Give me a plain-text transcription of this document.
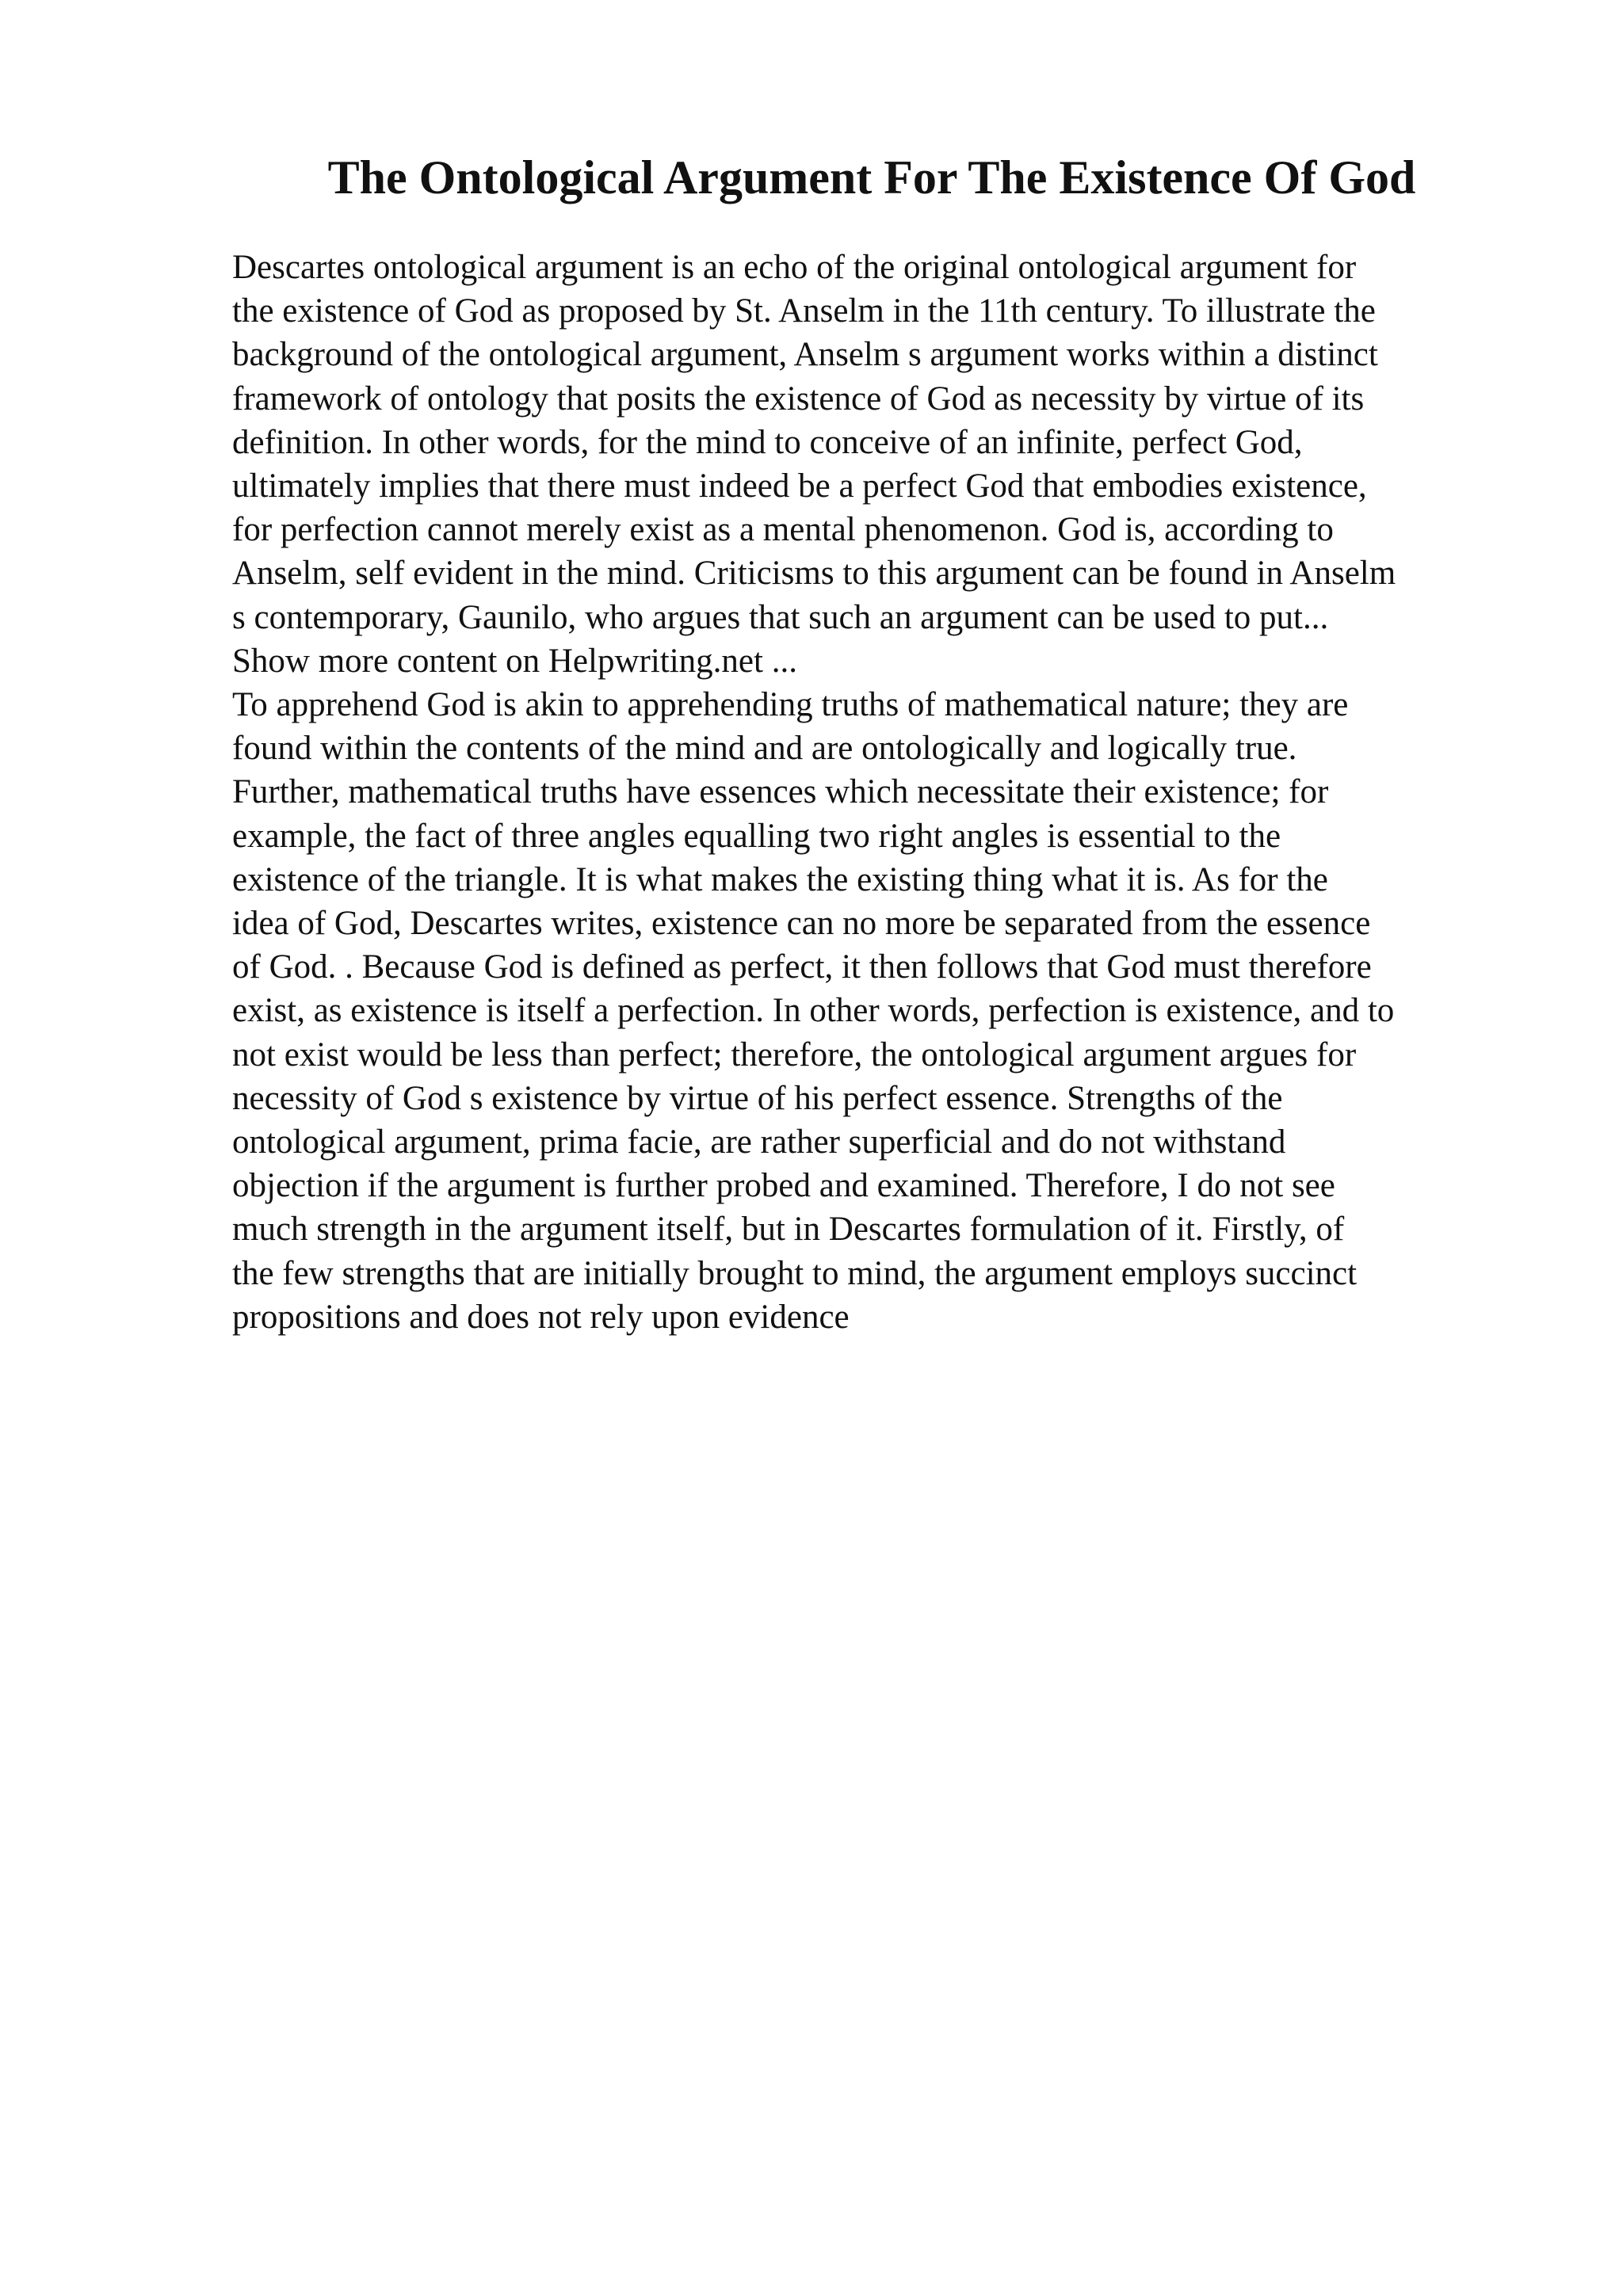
The Ontological Argument For The Existence Of God
Descartes ontological argument is an echo of the original ontological argument for
the existence of God as proposed by St. Anselm in the 11th century. To illustrate the
background of the ontological argument, Anselm s argument works within a distinct
framework of ontology that posits the existence of God as necessity by virtue of its
definition. In other words, for the mind to conceive of an infinite, perfect God,
ultimately implies that there must indeed be a perfect God that embodies existence,
for perfection cannot merely exist as a mental phenomenon. God is, according to
Anselm, self evident in the mind. Criticisms to this argument can be found in Anselm
s contemporary, Gaunilo, who argues that such an argument can be used to put...
Show more content on Helpwriting.net ...
To apprehend God is akin to apprehending truths of mathematical nature; they are
found within the contents of the mind and are ontologically and logically true.
Further, mathematical truths have essences which necessitate their existence; for
example, the fact of three angles equalling two right angles is essential to the
existence of the triangle. It is what makes the existing thing what it is. As for the
idea of God, Descartes writes, existence can no more be separated from the essence
of God. . Because God is defined as perfect, it then follows that God must therefore
exist, as existence is itself a perfection. In other words, perfection is existence, and to
not exist would be less than perfect; therefore, the ontological argument argues for
necessity of God s existence by virtue of his perfect essence. Strengths of the
ontological argument, prima facie, are rather superficial and do not withstand
objection if the argument is further probed and examined. Therefore, I do not see
much strength in the argument itself, but in Descartes formulation of it. Firstly, of
the few strengths that are initially brought to mind, the argument employs succinct
propositions and does not rely upon evidence
